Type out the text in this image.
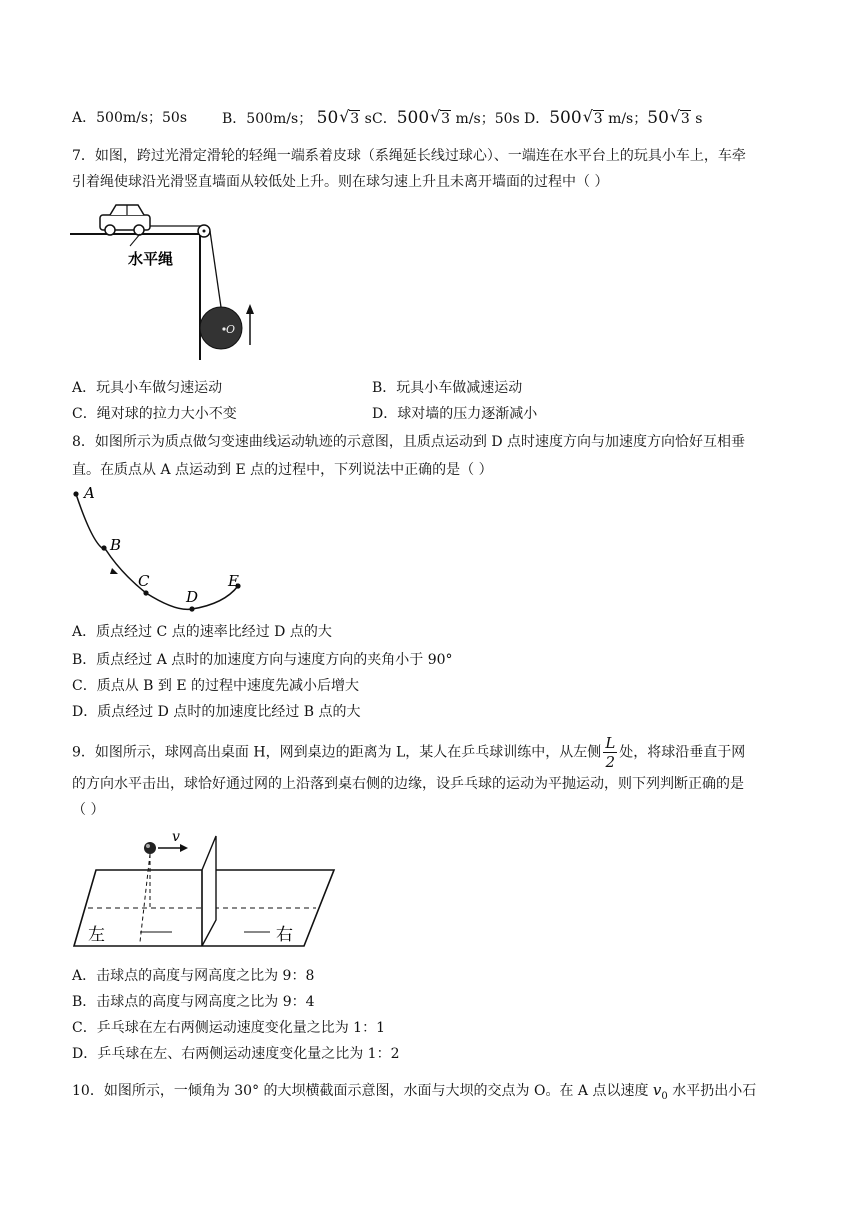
A．500m/s；50s B．500m/s； 50 √ 3 s C．500 √ 3 m/s；50s D．500 √ 3 m/s；50 √ 3 s
7．如图，跨过光滑定滑轮的轻绳一端系着皮球（系绳延长线过球心）、一端连在水平台上的玩具小车上，车牵
引着绳使球沿光滑竖直墙面从较低处上升。则在球匀速上升且未离开墙面的过程中（ ）
水平绳
O
A．玩具小车做匀速运动	B．玩具小车做减速运动
C．绳对球的拉力大小不变	D．球对墙的压力逐渐减小
8．如图所示为质点做匀变速曲线运动轨迹的示意图，且质点运动到 D 点时速度方向与加速度方向恰好互相垂
直。在质点从 A 点运动到 E 点的过程中，下列说法中正确的是（ ）
A
B
C
D
E
A．质点经过 C 点的速率比经过 D 点的大
B．质点经过 A 点时的加速度方向与速度方向的夹角小于 90°
C．质点从 B 到 E 的过程中速度先减小后增大
D．质点经过 D 点时的加速度比经过 B 点的大
9．如图所示，球网高出桌面 H，网到桌边的距离为 L，某人在乒乓球训练中，从左侧 $\frac{L}{2}$ 处，将球沿垂直于网
的方向水平击出，球恰好通过网的上沿落到桌右侧的边缘，设乒乓球的运动为平抛运动，则下列判断正确的是
（ ）
v
左	右
A．击球点的高度与网高度之比为 9：8
B．击球点的高度与网高度之比为 9：4
C．乒乓球在左右两侧运动速度变化量之比为 1：1
D．乒乓球在左、右两侧运动速度变化量之比为 1：2
10．如图所示，一倾角为 30° 的大坝横截面示意图，水面与大坝的交点为 O。在 A 点以速度 $v_0$ 水平扔出小石
